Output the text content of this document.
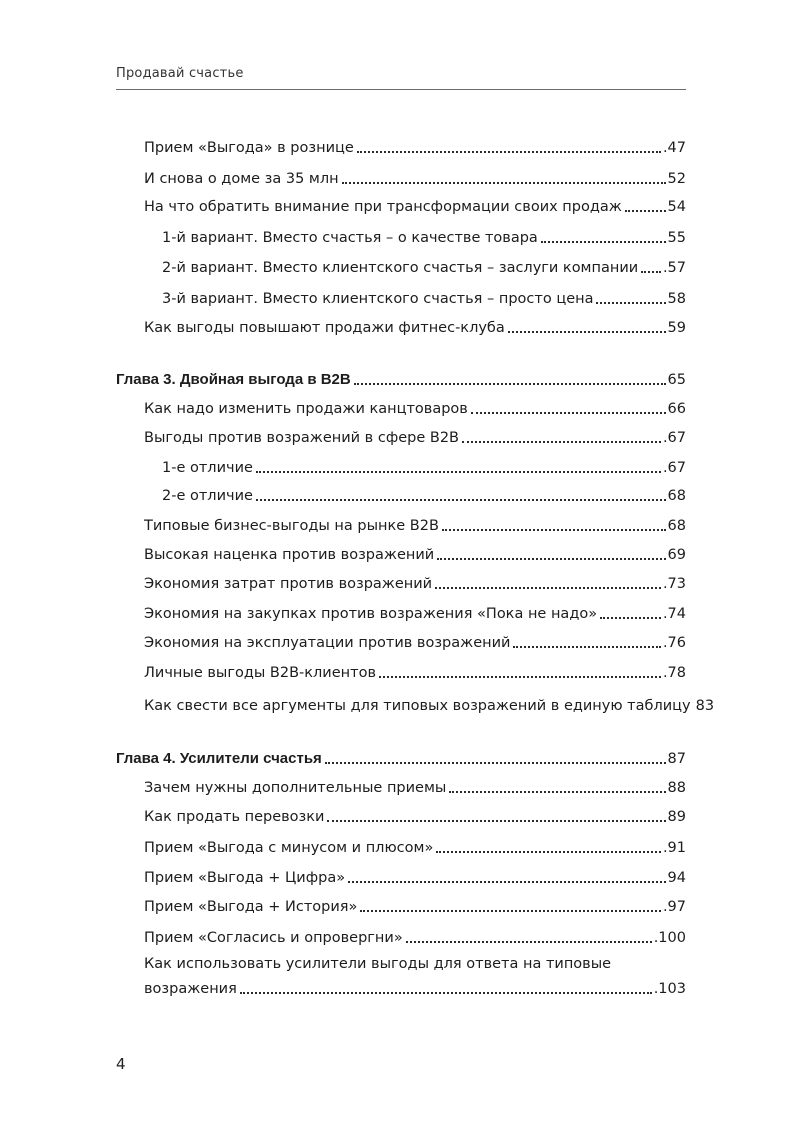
Продавай счастье
Прием «Выгода» в рознице	.47
И снова о доме за 35 млн	52
На что обратить внимание при трансформации своих продаж	54
1-й вариант. Вместо счастья – о качестве товара	55
2-й вариант. Вместо клиентского счастья – заслуги компании .57
3-й вариант. Вместо клиентского счастья – просто цена	58
Как выгоды повышают продажи фитнес-клуба	59
Глава 3. Двойная выгода в B2B	65
Как надо изменить продажи канцтоваров	66
Выгоды против возражений в сфере B2B	.67
1-е отличие	.67
2-е отличие	68
Типовые бизнес-выгоды на рынке B2B	68
Высокая наценка против возражений	69
Экономия затрат против возражений	.73
Экономия на закупках против возражения «Пока не надо»	.74
Экономия на эксплуатации против возражений	.76
Личные выгоды B2B-клиентов	.78
Как свести все аргументы для типовых возражений в единую таблицу 83
Глава 4. Усилители счастья	87
Зачем нужны дополнительные приемы	88
Как продать перевозки	89
Прием «Выгода с минусом и плюсом»	.91
Прием «Выгода + Цифра»	94
Прием «Выгода + История»	.97
Прием «Согласись и опровергни»	.100
Как использовать усилители выгоды для ответа на типовые
возражения	.103
4
